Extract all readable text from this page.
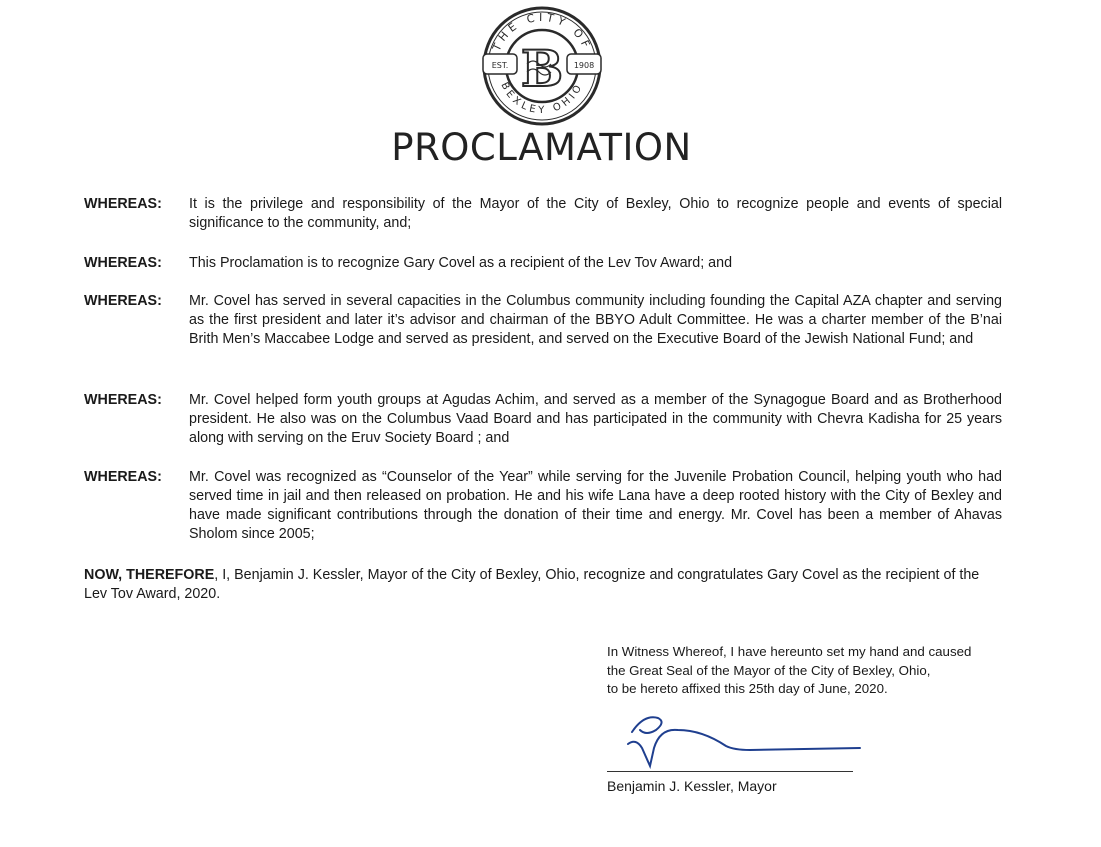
THE CITY OF
BEXLEY OHIO
EST.	1908
B
PROCLAMATION
WHEREAS:	It is the privilege and responsibility of the Mayor of the City of Bexley, Ohio to recognize people and events of special significance to the community, and;
WHEREAS:	This Proclamation is to recognize Gary Covel as a recipient of the Lev Tov Award; and
WHEREAS:	Mr. Covel has served in several capacities in the Columbus community including founding the Capital AZA chapter and serving as the first president and later it’s advisor and chairman of the BBYO Adult Committee. He was a charter member of the B’nai Brith Men’s Maccabee Lodge and served as president, and served on the Executive Board of the Jewish National Fund; and
WHEREAS:	Mr. Covel helped form youth groups at Agudas Achim, and served as a member of the Synagogue Board and as Brotherhood president. He also was on the Columbus Vaad Board and has participated in the community with Chevra Kadisha for 25 years along with serving on the Eruv Society Board ; and
WHEREAS:	Mr. Covel was recognized as “Counselor of the Year” while serving for the Juvenile Probation Council, helping youth who had served time in jail and then released on probation. He and his wife Lana have a deep rooted history with the City of Bexley and have made significant contributions through the donation of their time and energy. Mr. Covel has been a member of Ahavas Sholom since 2005;
NOW, THEREFORE, I, Benjamin J. Kessler, Mayor of the City of Bexley, Ohio, recognize and congratulates Gary Covel as the recipient of the Lev Tov Award, 2020.
In Witness Whereof, I have hereunto set my hand and caused
the Great Seal of the Mayor of the City of Bexley, Ohio,
to be hereto affixed this 25th day of June, 2020.
Benjamin J. Kessler, Mayor
